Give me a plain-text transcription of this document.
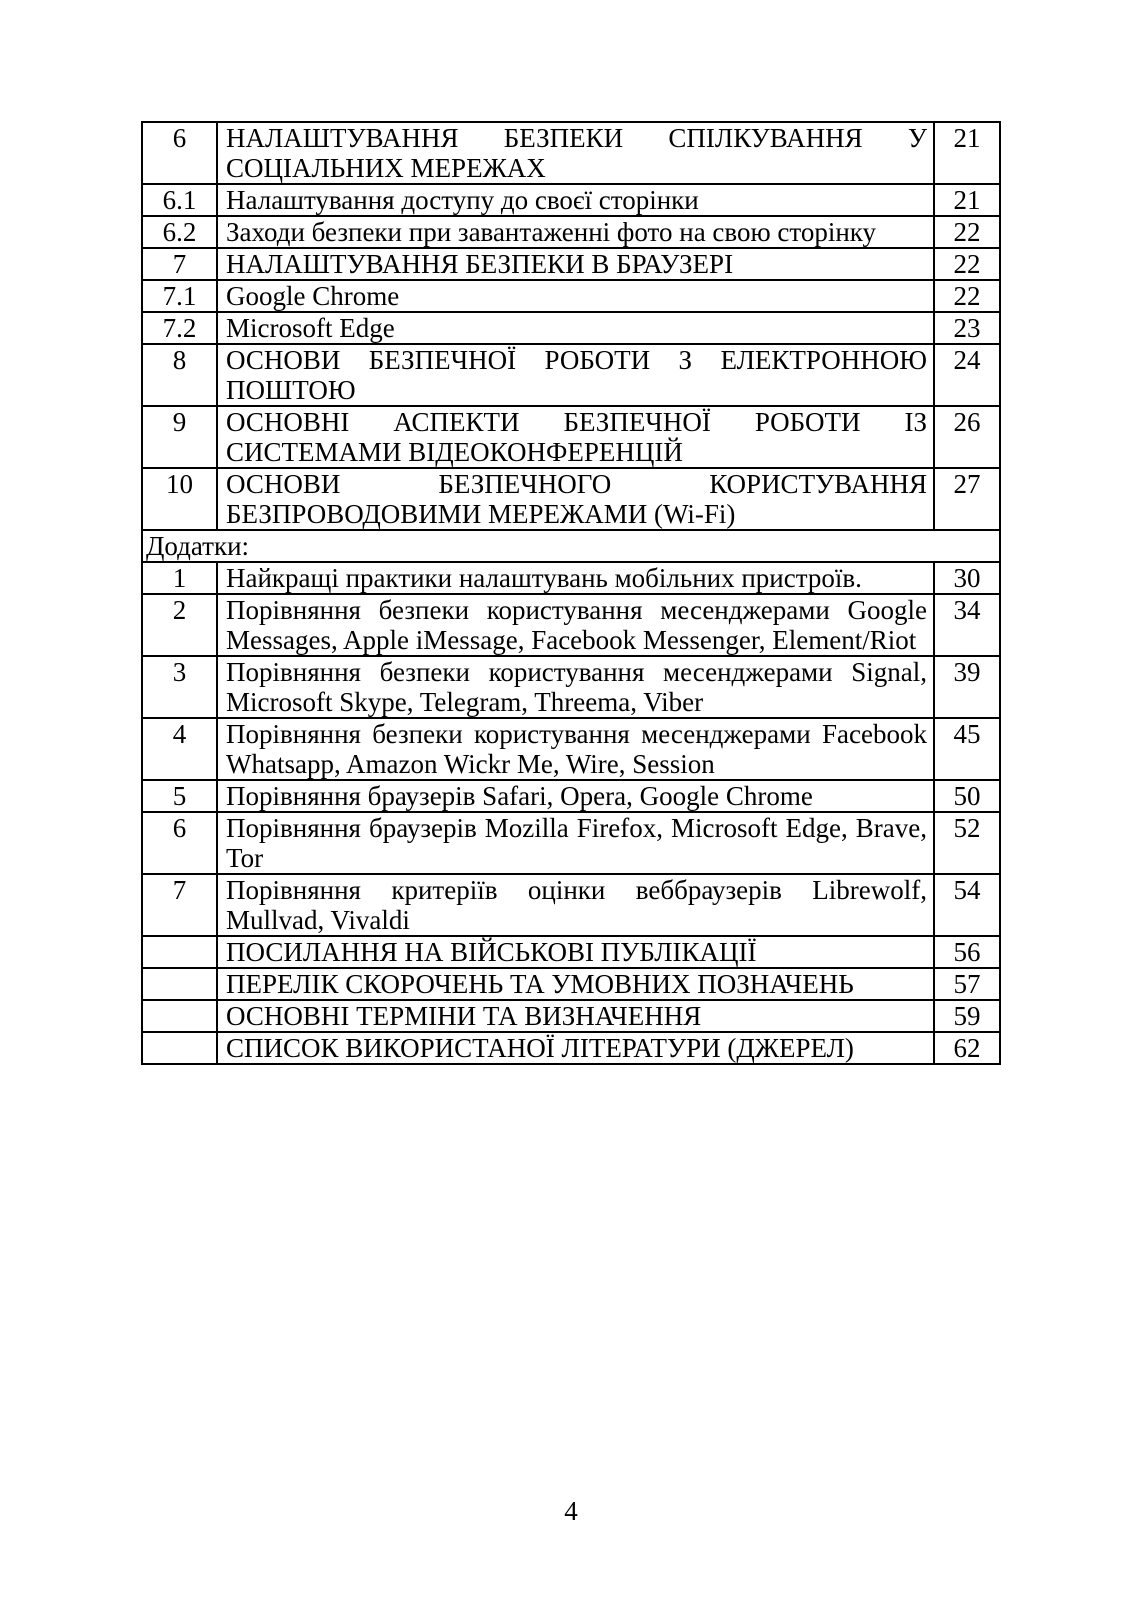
6	НАЛАШТУВАННЯ БЕЗПЕКИ СПІЛКУВАННЯ У СОЦІАЛЬНИХ МЕРЕЖАХ	21
6.1	Налаштування доступу до своєї сторінки	21
6.2	Заходи безпеки при завантаженні фото на свою сторінку	22
7	НАЛАШТУВАННЯ БЕЗПЕКИ В БРАУЗЕРІ	22
7.1	Google Chrome	22
7.2	Microsoft Edge	23
8	ОСНОВИ БЕЗПЕЧНОЇ РОБОТИ З ЕЛЕКТРОННОЮ ПОШТОЮ	24
9	ОСНОВНІ АСПЕКТИ БЕЗПЕЧНОЇ РОБОТИ ІЗ СИСТЕМАМИ ВІДЕОКОНФЕРЕНЦІЙ	26
10	ОСНОВИ БЕЗПЕЧНОГО КОРИСТУВАННЯ БЕЗПРОВОДОВИМИ МЕРЕЖАМИ (Wi-Fi)	27
Додатки:		
1	Найкращі практики налаштувань мобільних пристроїв.	30
2	Порівняння безпеки користування месенджерами Google Messages, Apple iMessage, Facebook Messenger, Element/Riot	34
3	Порівняння безпеки користування месенджерами Signal, Microsoft Skype, Telegram, Threema, Viber	39
4	Порівняння безпеки користування месенджерами Facebook Whatsapp, Amazon Wickr Me, Wire, Session	45
5	Порівняння браузерів Safari, Opera, Google Chrome	50
6	Порівняння браузерів Mozilla Firefox, Microsoft Edge, Brave, Tor	52
7	Порівняння критеріїв оцінки веббраузерів Librewolf, Mullvad, Vivaldi	54
	ПОСИЛАННЯ НА ВІЙСЬКОВІ ПУБЛІКАЦІЇ	56
	ПЕРЕЛІК СКОРОЧЕНЬ ТА УМОВНИХ ПОЗНАЧЕНЬ	57
	ОСНОВНІ ТЕРМІНИ ТА ВИЗНАЧЕННЯ	59
	СПИСОК ВИКОРИСТАНОЇ ЛІТЕРАТУРИ (ДЖЕРЕЛ)	62
4
